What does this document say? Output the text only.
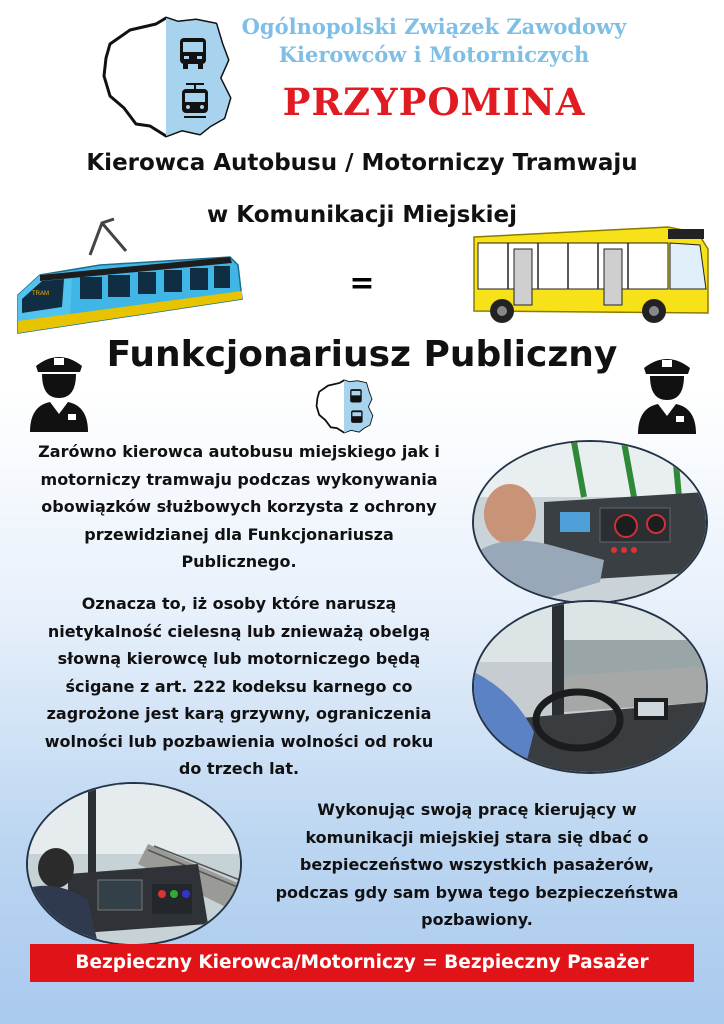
Ogólnopolski Związek Zawodowy
Kierowców i Motorniczych
PRZYPOMINA
Kierowca Autobusu / Motorniczy Tramwaju
w Komunikacji Miejskiej
TRAM	=
Funkcjonariusz Publiczny
Zarówno kierowca autobusu miejskiego jak i
motorniczy tramwaju podczas wykonywania
obowiązków służbowych korzysta z ochrony
przewidzianej dla Funkcjonariusza
Publicznego.
Oznacza to, iż osoby które naruszą
nietykalność cielesną lub znieważą obelgą
słowną kierowcę lub motorniczego będą
ścigane z art. 222 kodeksu karnego co
zagrożone jest karą grzywny, ograniczenia
wolności lub pozbawienia wolności od roku
do trzech lat.
Wykonując swoją pracę kierujący w
komunikacji miejskiej stara się dbać o
bezpieczeństwo wszystkich pasażerów,
podczas gdy sam bywa tego bezpieczeństwa
pozbawiony.
Bezpieczny Kierowca/Motorniczy = Bezpieczny Pasażer
